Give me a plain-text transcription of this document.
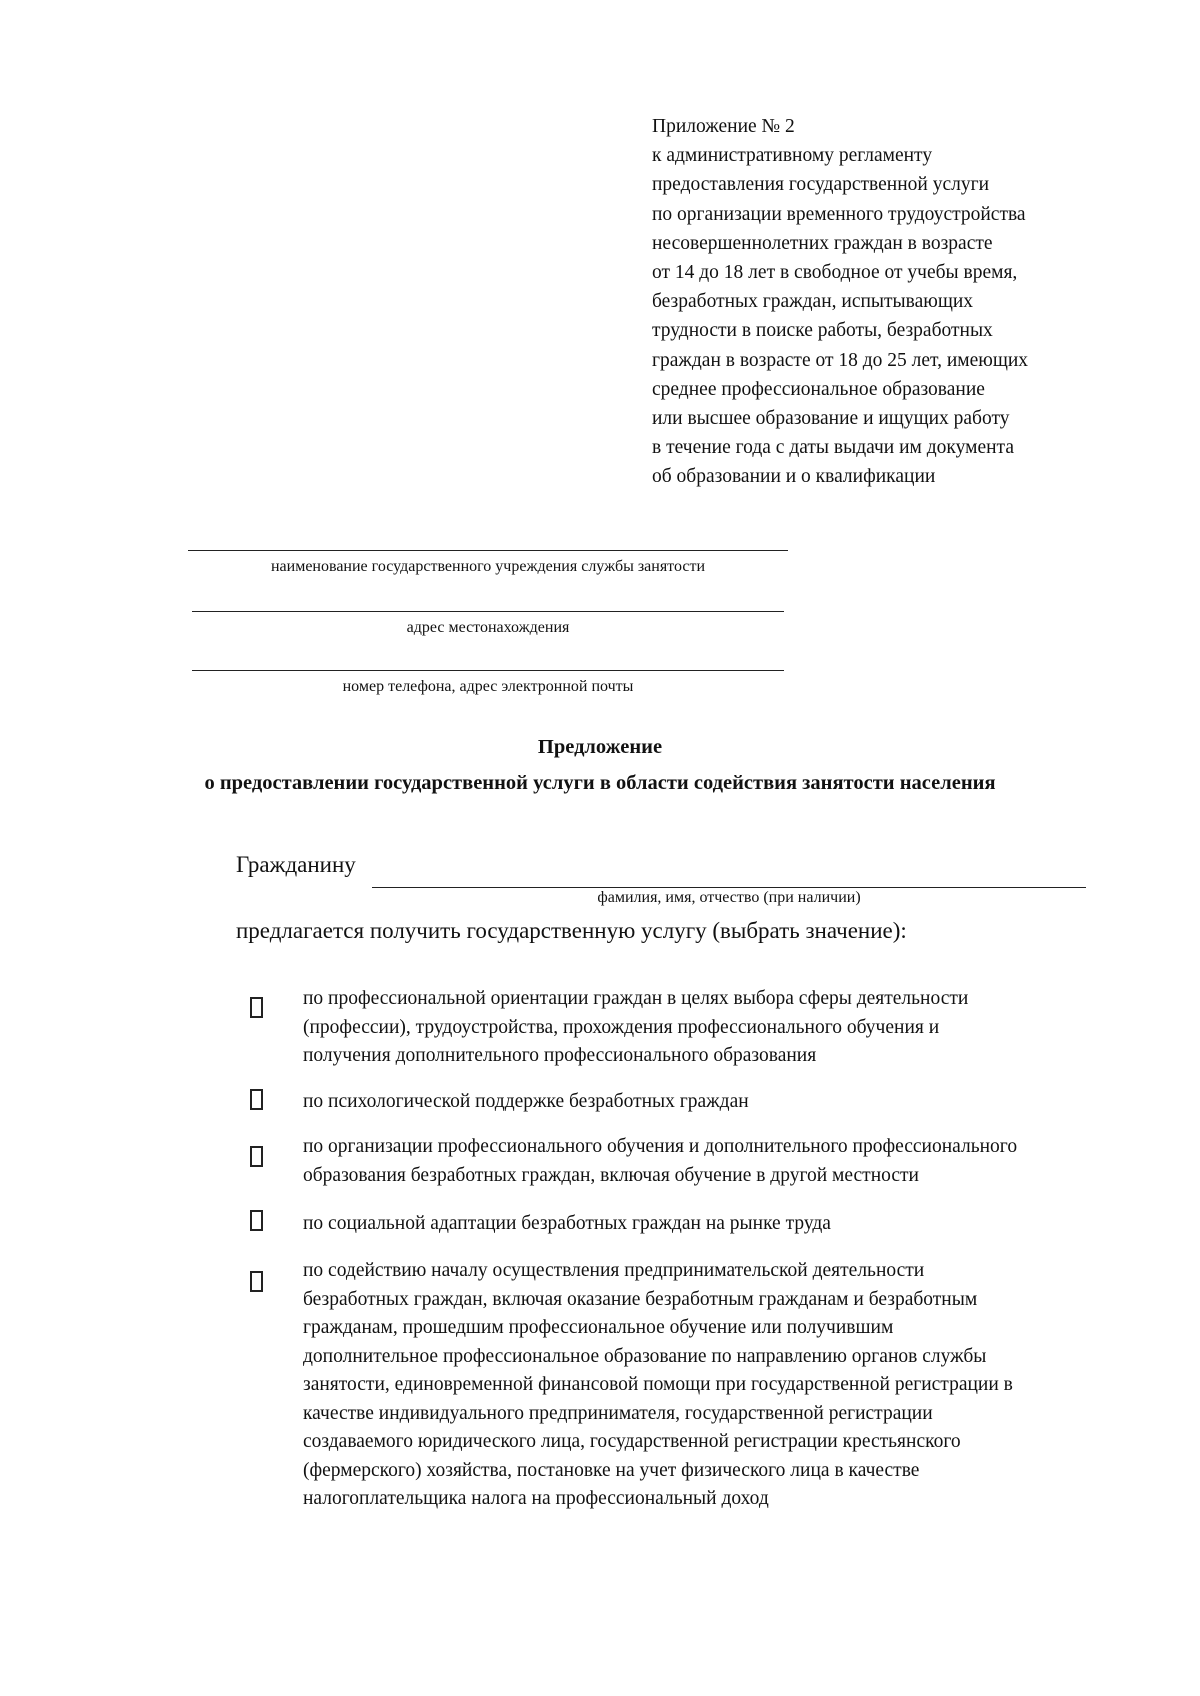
Приложение № 2
к административному регламенту
предоставления государственной услуги
по организации временного трудоустройства
несовершеннолетних граждан в возрасте
от 14 до 18 лет в свободное от учебы время,
безработных граждан, испытывающих
трудности в поиске работы, безработных
граждан в возрасте от 18 до 25 лет, имеющих
среднее профессиональное образование
или высшее образование и ищущих работу
в течение года с даты выдачи им документа
об образовании и о квалификации
наименование государственного учреждения службы занятости
адрес местонахождения
номер телефона, адрес электронной почты
Предложение
о предоставлении государственной услуги в области содействия занятости населения
Гражданину
фамилия, имя, отчество (при наличии)
предлагается получить государственную услугу (выбрать значение):
по профессиональной ориентации граждан в целях выбора сферы деятельности
(профессии), трудоустройства, прохождения профессионального обучения и
получения дополнительного профессионального образования
по психологической поддержке безработных граждан
по организации профессионального обучения и дополнительного профессионального
образования безработных граждан, включая обучение в другой местности
по социальной адаптации безработных граждан на рынке труда
по содействию началу осуществления предпринимательской деятельности
безработных граждан, включая оказание безработным гражданам и безработным
гражданам, прошедшим профессиональное обучение или получившим
дополнительное профессиональное образование по направлению органов службы
занятости, единовременной финансовой помощи при государственной регистрации в
качестве индивидуального предпринимателя, государственной регистрации
создаваемого юридического лица, государственной регистрации крестьянского
(фермерского) хозяйства, постановке на учет физического лица в качестве
налогоплательщика налога на профессиональный доход
